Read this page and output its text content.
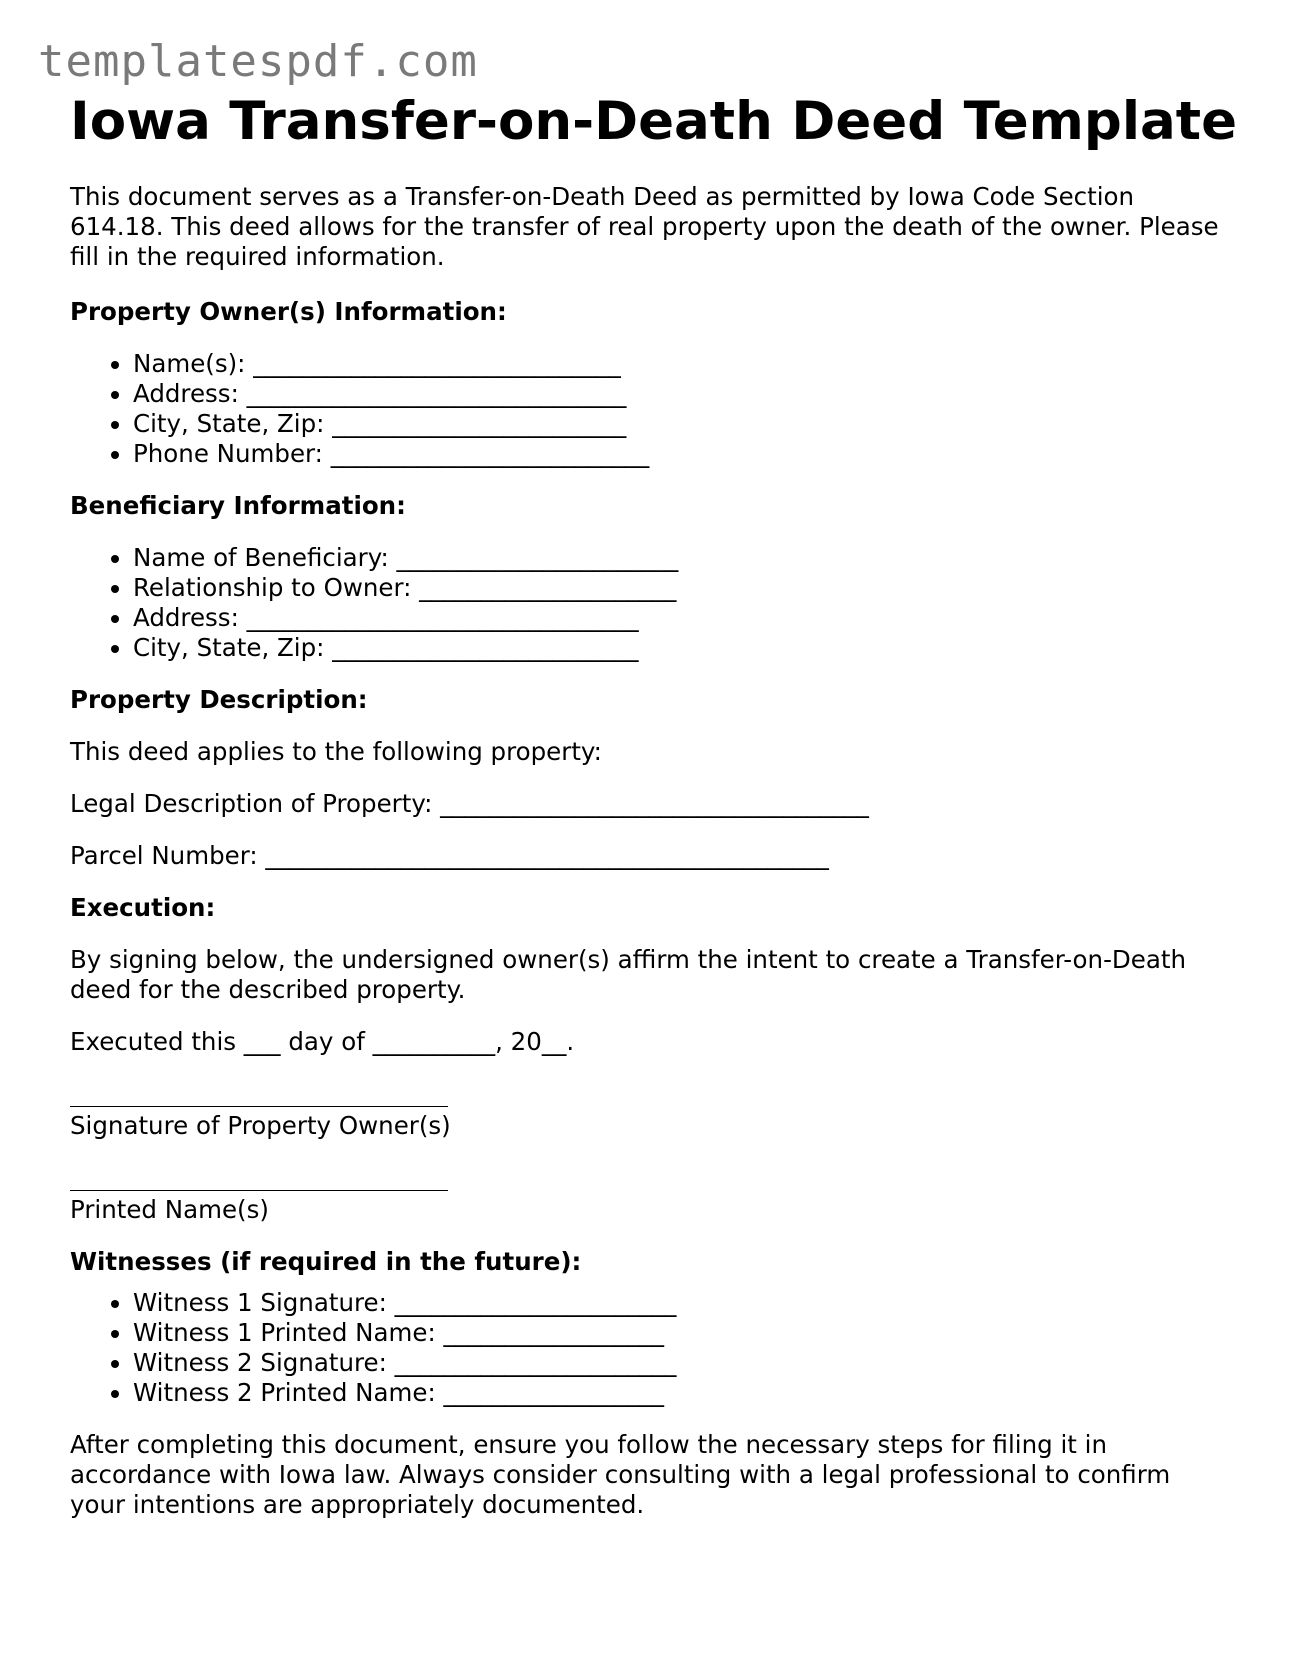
templatespdf.com
Iowa Transfer-on-Death Deed Template

This document serves as a Transfer-on-Death Deed as permitted by Iowa Code Section 614.18. This deed allows for the transfer of real property upon the death of the owner. Please fill in the required information.

Property Owner(s) Information:
• Name(s): ______________________________
• Address: _______________________________
• City, State, Zip: ________________________
• Phone Number: __________________________
Beneficiary Information:
• Name of Beneficiary: _______________________
• Relationship to Owner: _____________________
• Address: ________________________________
• City, State, Zip: _________________________
Property Description:

This deed applies to the following property:

Legal Description of Property: ___________________________________

Parcel Number: ______________________________________________

Execution:

By signing below, the undersigned owner(s) affirm the intent to create a Transfer-on-Death deed for the described property.

Executed this ___ day of __________, 20__.

Signature of Property Owner(s)

Printed Name(s)

Witnesses (if required in the future):
• Witness 1 Signature: _______________________
• Witness 1 Printed Name: __________________
• Witness 2 Signature: _______________________
• Witness 2 Printed Name: __________________

After completing this document, ensure you follow the necessary steps for filing it in accordance with Iowa law. Always consider consulting with a legal professional to confirm your intentions are appropriately documented.
